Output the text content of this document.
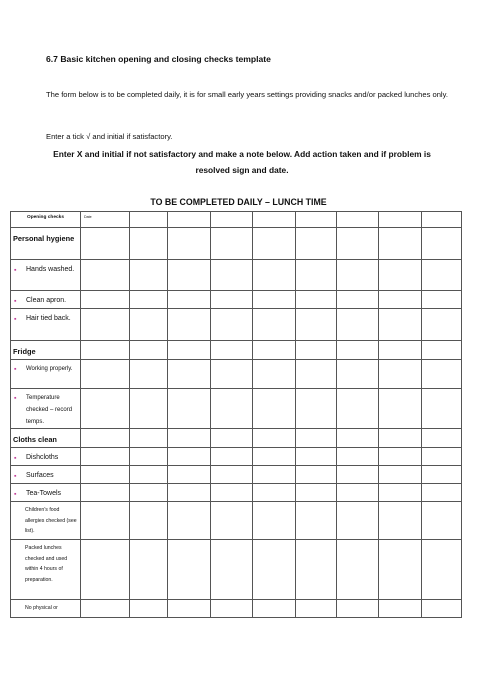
6.7 Basic kitchen opening and closing checks template
The form below is to be completed daily, it is for small early years settings providing snacks and/or packed lunches only.
Enter a tick √ and initial if satisfactory.
Enter X and initial if not satisfactory and make a note below. Add action taken and if problem is resolved sign and date.
TO BE COMPLETED DAILY – LUNCH TIME
Opening checks	Date								
Personal hygiene									

▪ Hands washed.									

▪ Clean apron.									

▪ Hair tied back.									
Fridge									

▪ Working properly.									

▪ Temperature checked – record temps.									
Cloths clean									

▪ Dishcloths									

▪ Surfaces									

▪ Tea-Towels									
Children's food allergies checked (see list).									
Packed lunches checked and used within 4 hours of preparation.									
No physical or									
